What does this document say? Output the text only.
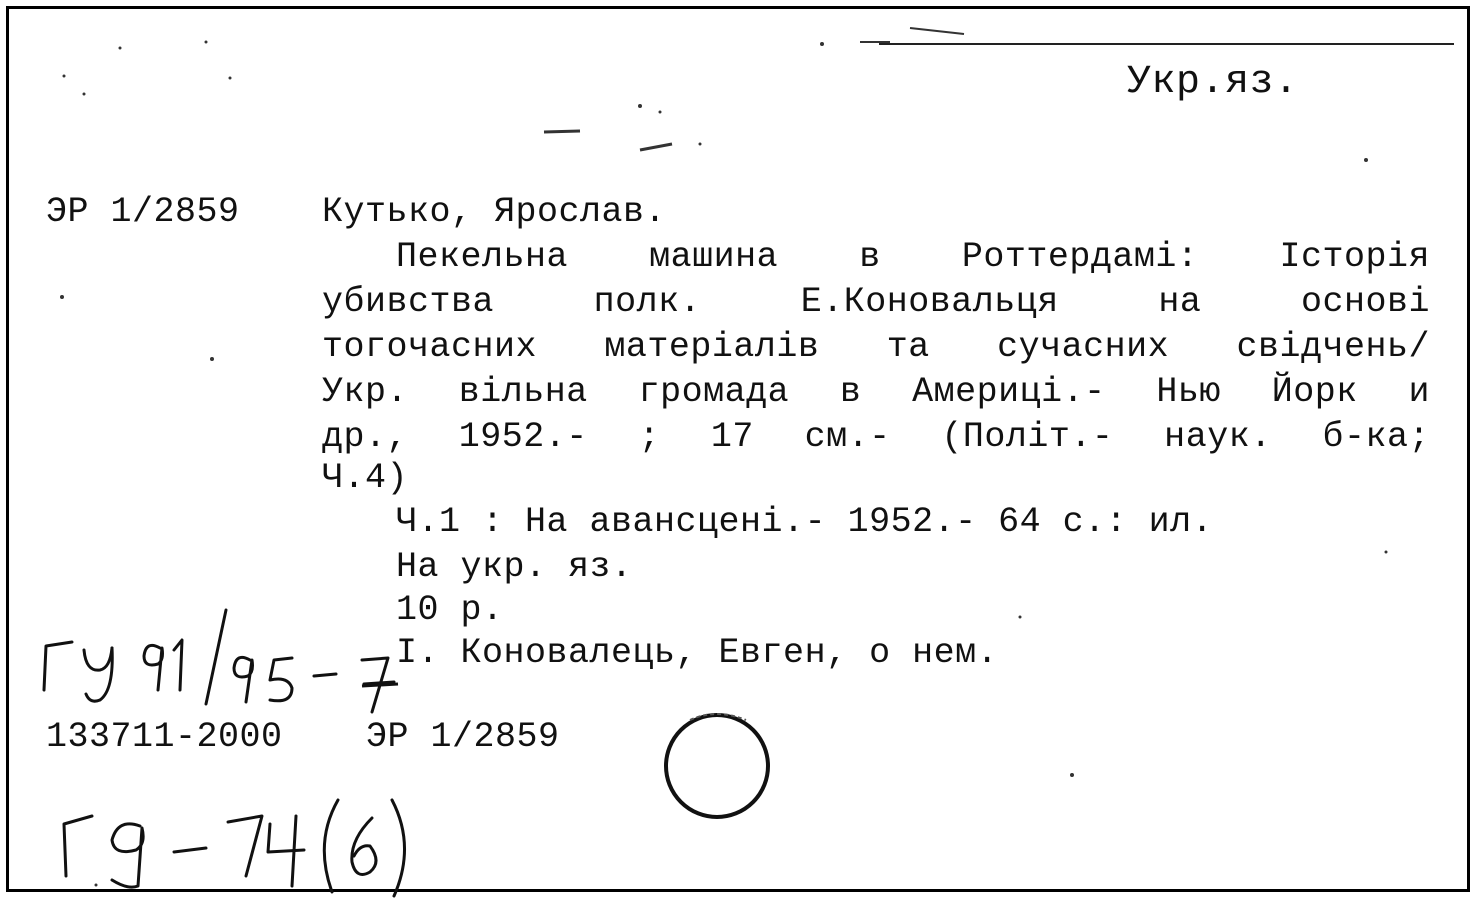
Укр.яз.
ЭР 1/2859 Кутько, Ярослав.
Пекельна машина в Роттердамі: Історія
убивства полк. Е.Коновальця на основі
тогочасних матеріалів та сучасних свідчень/
Укр. вільна громада в Америці.- Нью Йорк и
др., 1952.- ; 17 см.- (Політ.- наук. б-ка;
Ч.4)
Ч.1 : На авансцені.- 1952.- 64 с.: ил.
На укр. яз.
10 р.
I. Коновалець, Евген, о нем.
133711-2000 ЭР 1/2859
